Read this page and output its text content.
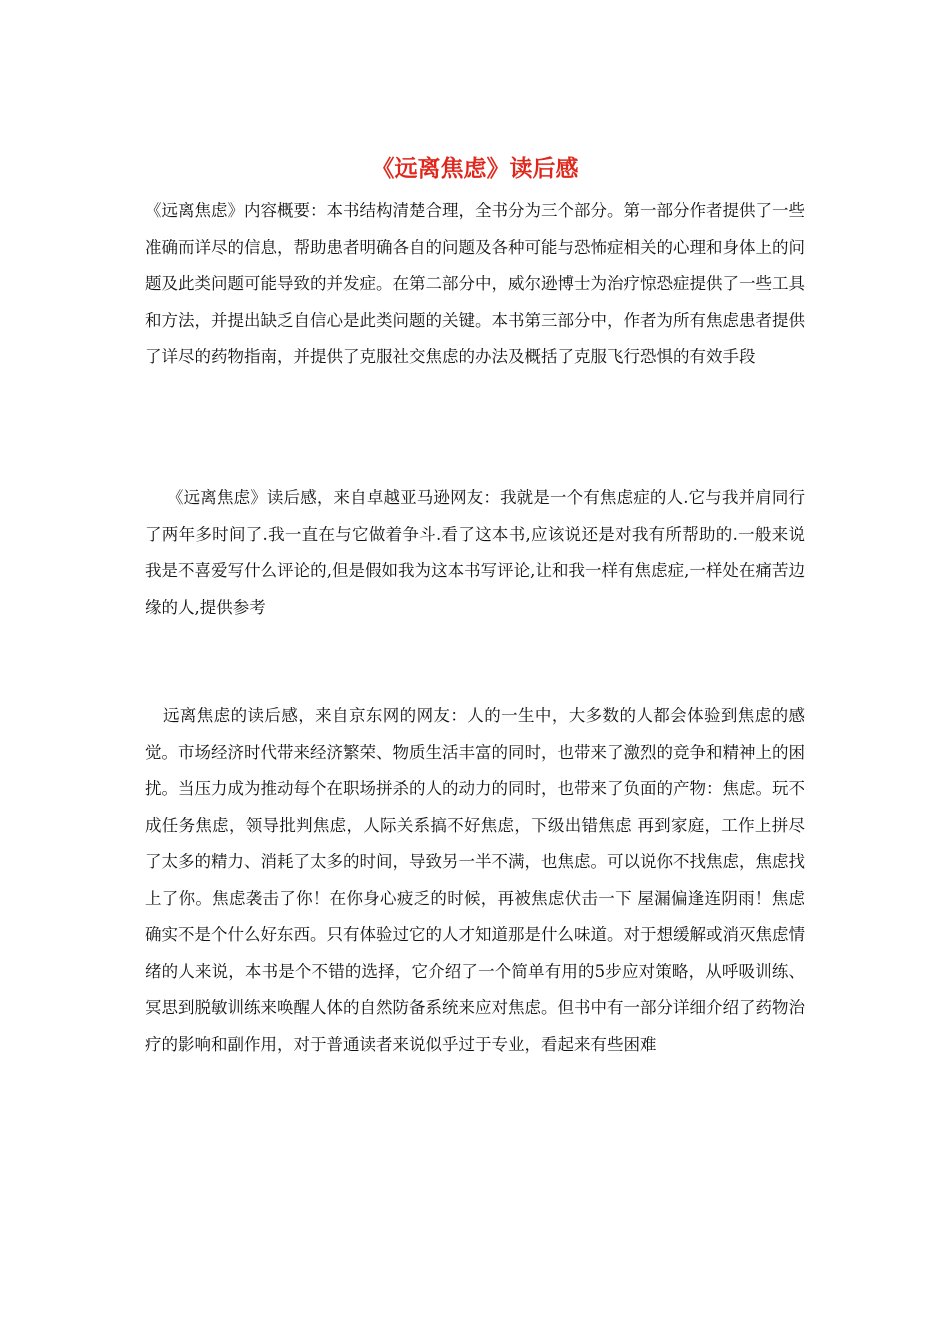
《远离焦虑》读后感

《远离焦虑》内容概要：本书结构清楚合理，全书分为三个部分。第一部分作者提供了一些准确而详尽的信息，帮助患者明确各自的问题及各种可能与恐怖症相关的心理和身体上的问题及此类问题可能导致的并发症。在第二部分中，威尔逊博士为治疗惊恐症提供了一些工具和方法，并提出缺乏自信心是此类问题的关键。本书第三部分中，作者为所有焦虑患者提供了详尽的药物指南，并提供了克服社交焦虑的办法及概括了克服飞行恐惧的有效手段

《远离焦虑》读后感，来自卓越亚马逊网友：我就是一个有焦虑症的人.它与我并肩同行了两年多时间了.我一直在与它做着争斗.看了这本书,应该说还是对我有所帮助的.一般来说我是不喜爱写什么评论的,但是假如我为这本书写评论,让和我一样有焦虑症,一样处在痛苦边缘的人,提供参考

远离焦虑的读后感，来自京东网的网友：人的一生中，大多数的人都会体验到焦虑的感觉。市场经济时代带来经济繁荣、物质生活丰富的同时，也带来了激烈的竞争和精神上的困扰。当压力成为推动每个在职场拼杀的人的动力的同时，也带来了负面的产物：焦虑。玩不成任务焦虑，领导批判焦虑，人际关系搞不好焦虑，下级出错焦虑 再到家庭，工作上拼尽了太多的精力、消耗了太多的时间，导致另一半不满，也焦虑。可以说你不找焦虑，焦虑找上了你。焦虑袭击了你！在你身心疲乏的时候，再被焦虑伏击一下 屋漏偏逢连阴雨！焦虑确实不是个什么好东西。只有体验过它的人才知道那是什么味道。对于想缓解或消灭焦虑情绪的人来说，本书是个不错的选择，它介绍了一个简单有用的5步应对策略，从呼吸训练、冥思到脱敏训练来唤醒人体的自然防备系统来应对焦虑。但书中有一部分详细介绍了药物治疗的影响和副作用，对于普通读者来说似乎过于专业，看起来有些困难
